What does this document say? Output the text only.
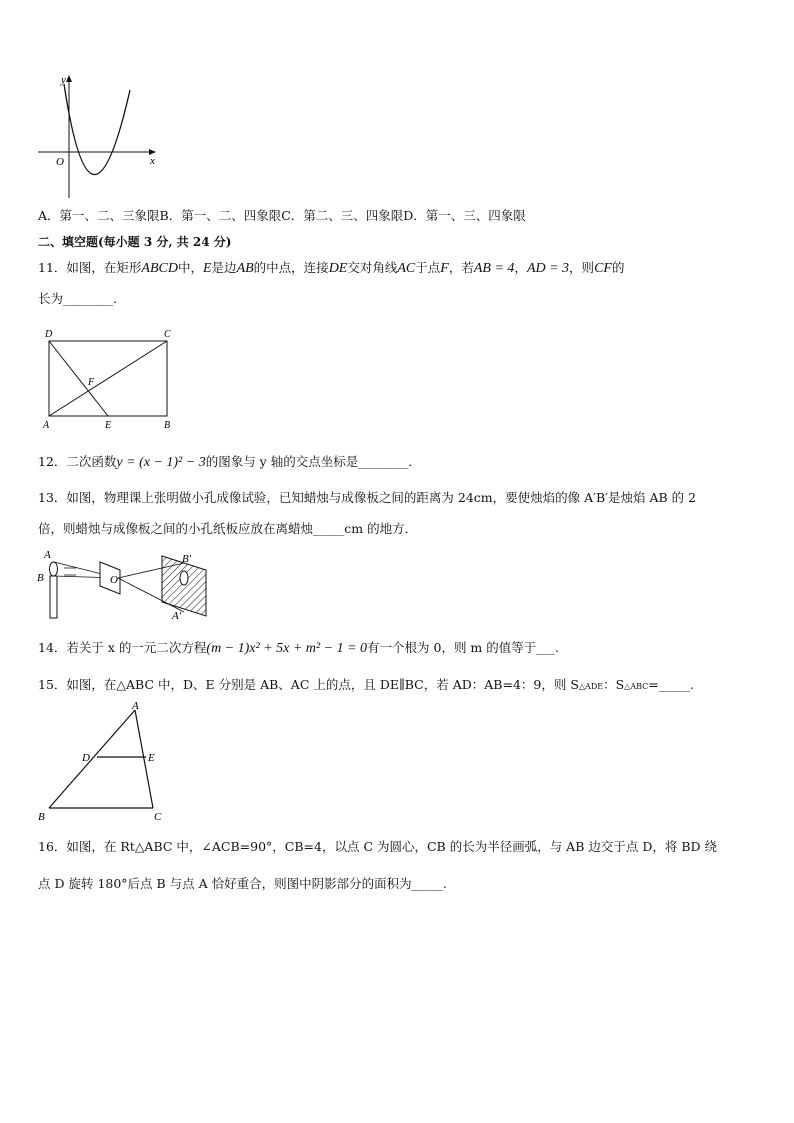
y
x
O
A．第一、二、三象限B．第一、二、四象限C．第二、三、四象限D．第一、三、四象限
二、填空题(每小题 3 分, 共 24 分)
11．如图，在矩形ABCD中，E是边AB的中点，连接DE交对角线AC于点F，若AB = 4，AD = 3，则CF的
长为________.
D	C
A	E	B
F
12．二次函数y = (x − 1)² − 3的图象与 y 轴的交点坐标是________．
13．如图，物理课上张明做小孔成像试验，已知蜡烛与成像板之间的距离为 24cm，要使烛焰的像 A′B′是烛焰 AB 的 2
倍，则蜡烛与成像板之间的小孔纸板应放在离蜡烛_____cm 的地方．
O
A
B
B′
A′
14．若关于 x 的一元二次方程(m − 1)x² + 5x + m² − 1 = 0有一个根为 0，则 m 的值等于___.
15．如图，在△ABC 中，D、E 分别是 AB、AC 上的点，且 DE∥BC，若 AD：AB=4：9，则 S△ADE：S△ABC=_____.
A
D	E
B	C
16．如图，在 Rt△ABC 中，∠ACB=90°，CB=4，以点 C 为圆心，CB 的长为半径画弧，与 AB 边交于点 D，将 BD 绕
点 D 旋转 180°后点 B 与点 A 恰好重合，则图中阴影部分的面积为_____.
